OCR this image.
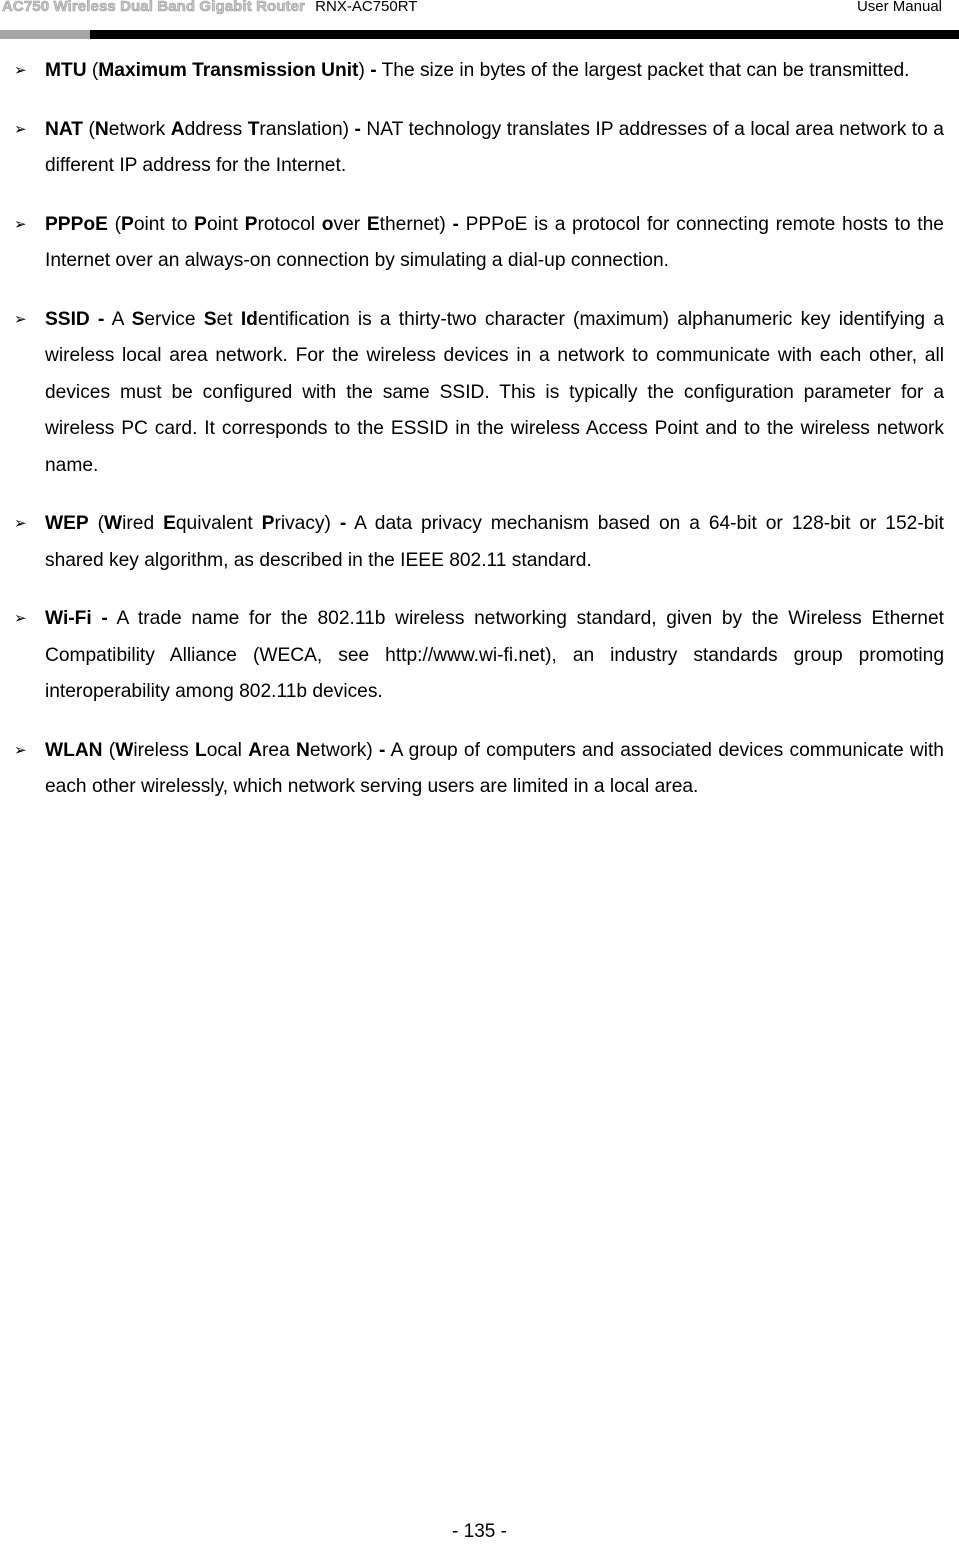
AC750 Wireless Dual Band Gigabit Router RNX-AC750RT	User Manual
➢ MTU (Maximum Transmission Unit) - The size in bytes of the largest packet that can be transmitted.
➢ NAT (Network Address Translation) - NAT technology translates IP addresses of a local area network to a different IP address for the Internet.
➢ PPPoE (Point to Point Protocol over Ethernet) - PPPoE is a protocol for connecting remote hosts to the Internet over an always-on connection by simulating a dial-up connection.
➢ SSID - A Service Set Identification is a thirty-two character (maximum) alphanumeric key identifying a wireless local area network. For the wireless devices in a network to communicate with each other, all devices must be configured with the same SSID. This is typically the configuration parameter for a wireless PC card. It corresponds to the ESSID in the wireless Access Point and to the wireless network name.
➢ WEP (Wired Equivalent Privacy) - A data privacy mechanism based on a 64-bit or 128-bit or 152-bit shared key algorithm, as described in the IEEE 802.11 standard.
➢ Wi-Fi - A trade name for the 802.11b wireless networking standard, given by the Wireless Ethernet Compatibility Alliance (WECA, see http://www.wi-fi.net), an industry standards group promoting interoperability among 802.11b devices.
➢ WLAN (Wireless Local Area Network) - A group of computers and associated devices communicate with each other wirelessly, which network serving users are limited in a local area.
- 135 -
